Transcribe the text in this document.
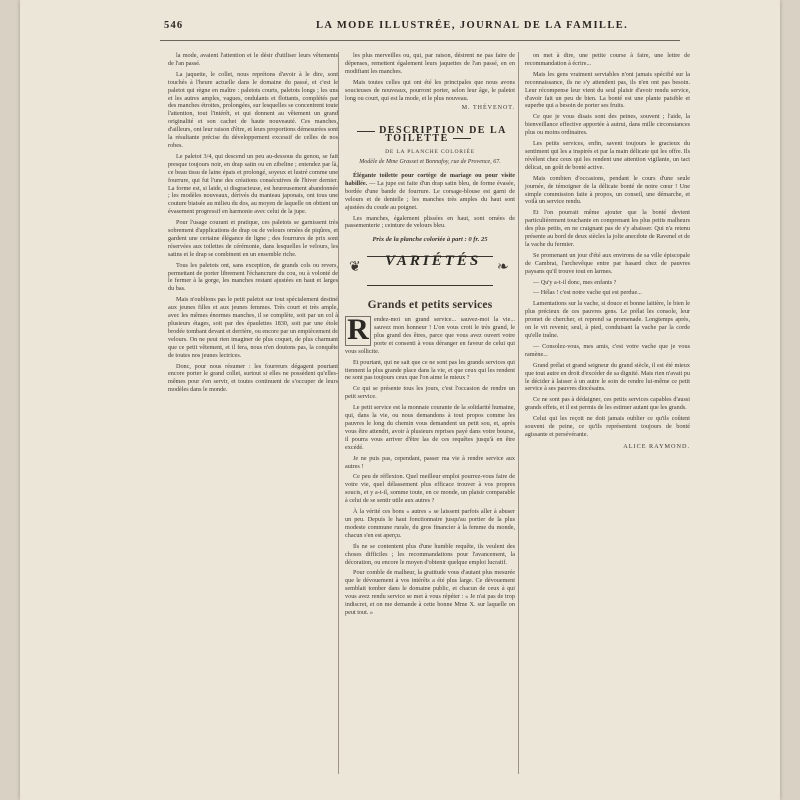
546	LA MODE ILLUSTRÉE, JOURNAL DE LA FAMILLE.

la mode, avaient l'attention et le désir d'utiliser leurs vêtements de l'an passé.

La jaquette, le collet, nous reprétons d'avoir à le dire, sont touchés à l'heure actuelle dans le domaine du passé, et c'est le paletot qui règne en maître : paletots courts, paletots longs ; les uns et les autres amples, vagues, ondulants et flottants, complétés par des manches étroites, prolongées, sur lesquelles se concentrent toute l'attention, tout l'intérêt, et qui donnent au vêtement un grand originalité et son cachet de haute nouveauté. Ces manches, d'ailleurs, ont leur raison d'être, et leurs proportions démesurées sont la résultante précise du développement excessif de celles de nos robes.

Le paletot 3/4, qui descend un peu au-dessous du genou, se fait presque toujours noir, en drap satin ou en zibeline ; entendez par là, ce beau tissu de laine épais et prolongé, soyeux et lustré comme une fourrure, qui fut l'une des créations consécutives de l'hiver dernier. La forme est, si laide, si disgracieuse, est heureusement abandonnée ; les modèles nouveaux, dérivés du manteau japonais, ont tous une couture biaisée au milieu du dos, au moyen de laquelle on obtient un évasement progressif en harmonie avec celui de la jupe.

Pour l'usage courant et pratique, ces paletots se garnissent très sobrement d'applications de drap ou de velours ornées de piqûres, et gardent une certaine élégance de ligne ; des fourrures de prix sont réservées aux toilettes de cérémonie, dans lesquelles le velours, les satins et le drap se combinent en un ensemble riche.

Tous les paletots ont, sans exception, de grands cols ou revers, permettant de porter librement l'échancrure du cou, ou à volonté de le fermer à la gorge, les manches restant ajustées en haut et larges du bas.

Mais n'oublions pas le petit paletot sur tout spécialement destiné aux jeunes filles et aux jeunes femmes. Très court et très ample, avec les mêmes énormes manches, il se complète, soit par un col à plusieurs étages, soit par des épaulettes 1830, soit par une étole brodée tombant devant et derrière, ou encore par un empiècement de velours. On ne peut rien imaginer de plus coquet, de plus charmant que ce petit vêtement, et il fera, nous n'en doutons pas, la conquête de toutes nos jeunes lectrices.

Donc, pour nous résumer : les fourreurs dégagent pourtant encore porter le grand collet, surtout si elles ne possèdent qu'elles-mêmes pour s'en servir, et toutes continuent de s'occuper de leurs modèles dans le monde.

les plus merveilles ou, qui, par raison, désirent ne pas faire de dépenses, remettent également leurs jaquettes de l'an passé, en en modifiant les manches.

Mais toutes celles qui ont été les principales que nous avons soucieuses de nouveaux, pourront porter, selon leur âge, le paletot long ou court, qui est la mode, et le plus nouveau.

M. THÉVENOT.
DESCRIPTION DE LA TOILETTE
DE LA PLANCHE COLORIÉE
Modèle de Mme Grasset et Bonnafoy, rue de Provence, 67.

Élégante toilette pour cortège de mariage ou pour visite habillée. — La jupe est faite d'un drap satin bleu, de forme évasée, bordée d'une bande de fourrure. Le corsage-blouse est garni de velours et de dentelle ; les manches très amples du haut sont ajustées du coude au poignet.

Les manches, également plissées en haut, sont ornées de passementerie ; ceinture de velours bleu.

Prix de la planche coloriée à part : 0 fr. 25
❦ VARIÉTÉS ❧
Grands et petits services
R endez-moi un grand service... sauvez-moi la vie... sauvez mon honneur ! L'on vous croit le très grand, le plus grand des êtres, parce que vous avez ouvert votre porte et consenti à vous déranger en faveur de celui qui vous sollicite.

Et pourtant, qui ne sait que ce ne sont pas les grands services qui tiennent la plus grande place dans la vie, et que ceux qui les rendent ne sont pas toujours ceux que l'on aime le mieux ?

Ce qui se présente tous les jours, c'est l'occasion de rendre un petit service.

Le petit service est la monnaie courante de la solidarité humaine, qui, dans la vie, ou nous demandons à tout propos comme les pauvres le long du chemin vous demandent un petit sou, et, après vous être attendri, avoir à plusieurs reprises payé dans votre bourse, il pourra vous arriver d'être las de ces requêtes jusqu'à en être excédé.

Je ne puis pas, cependant, passer ma vie à rendre service aux autres !

Ce peu de réflexion. Quel meilleur emploi pourrez-vous faire de votre vie, quel délassement plus efficace trouver à vos propres soucis, et y a-t-il, somme toute, en ce monde, un plaisir comparable à celui de se sentir utile aux autres ?

À la vérité ces bons « autres » se laissent parfois aller à abuser un peu. Depuis le haut fonctionnaire jusqu'au portier de la plus modeste commune rurale, du gros financier à la femme du monde, chacun s'en est aperçu.

Ils ne se contentent plus d'une humble requête, ils veulent des choses difficiles ; les recommandations pour l'avancement, la décoration, ou encore le moyen d'obtenir quelque emploi lucratif.

Pour comble de malheur, la gratitude vous d'autant plus mesurée que le dévouement à vos intérêts a été plus large. Ce dévouement semblait tomber dans le domaine public, et chacun de ceux à qui vous avez rendu service se met à vous répéter : « Je n'ai pas de trop indiscret, et on me demande à cette bonne Mme X. sur laquelle on peut tout. »

on met à dire, une petite course à faire, une lettre de recommandation à écrire...

Mais les gens vraiment serviables n'ont jamais spécifié sur la reconnaissance, ils ne s'y attendent pas, ils n'en ont pas besoin. Leur récompense leur vient du seul plaisir d'avoir rendu service, d'avoir fait un peu de bien. La bonté est une plante paisible et superbe qui a besoin de porter ses fruits.

Ce que je vous disais sont des peines, souvent ; l'aide, la bienveillance effective apportée à autrui, dans mille circonstances plus ou moins ordinaires.

Les petits services, enfin, savent toujours le gracieux du sentiment qui les a inspirés et par la main délicate qui les offre. Ils révèlent chez ceux qui les rendent une attention vigilante, un tact délicat, un goût de bonté active.

Mais combien d'occasions, pendant le cours d'une seule journée, de témoigner de la délicate bonté de notre cœur ! Une simple commission faite à propos, un conseil, une démarche, et voilà un service rendu.

Et l'on pourrait même ajouter que la bonté devient particulièrement touchante en comprenant les plus petits malheurs des plus petits, en ne craignant pas de s'y abaisser. Qui n'a retenu présente au bord de deux siècles la jolie anecdote de Ravenel et de la vache du fermier.

Se promenant un jour d'été aux environs de sa ville épiscopale de Cambrai, l'archevêque entre par hasard chez de pauvres paysans qu'il trouve tout en larmes.

— Qu'y a-t-il donc, mes enfants ?

— Hélas ! c'est notre vache qui est perdue...

Lamentations sur la vache, si douce et bonne laitière, le bien le plus précieux de ces pauvres gens. Le prélat les console, leur promet de chercher, et reprend sa promenade. Longtemps après, on le vit revenir, seul, à pied, conduisant la vache par la corde qu'elle traîne.

— Consolez-vous, mes amis, c'est votre vache que je vous ramène...

Grand prélat et grand seigneur du grand siècle, il est été mieux que tout autre en droit d'excéder de sa dignité. Mais rien n'avait pu le décider à laisser à un autre le soin de rendre lui-même ce petit service à ses pauvres diocésains.

Ce ne sont pas à dédaigner, ces petits services capables d'aussi grands effets, et il est permis de les estimer autant que les grands.

Celui qui les reçoit ne doit jamais oublier ce qu'ils coûtent souvent de peine, ce qu'ils représentent toujours de bonté agissante et persévérante.

ALICE RAYMOND.
